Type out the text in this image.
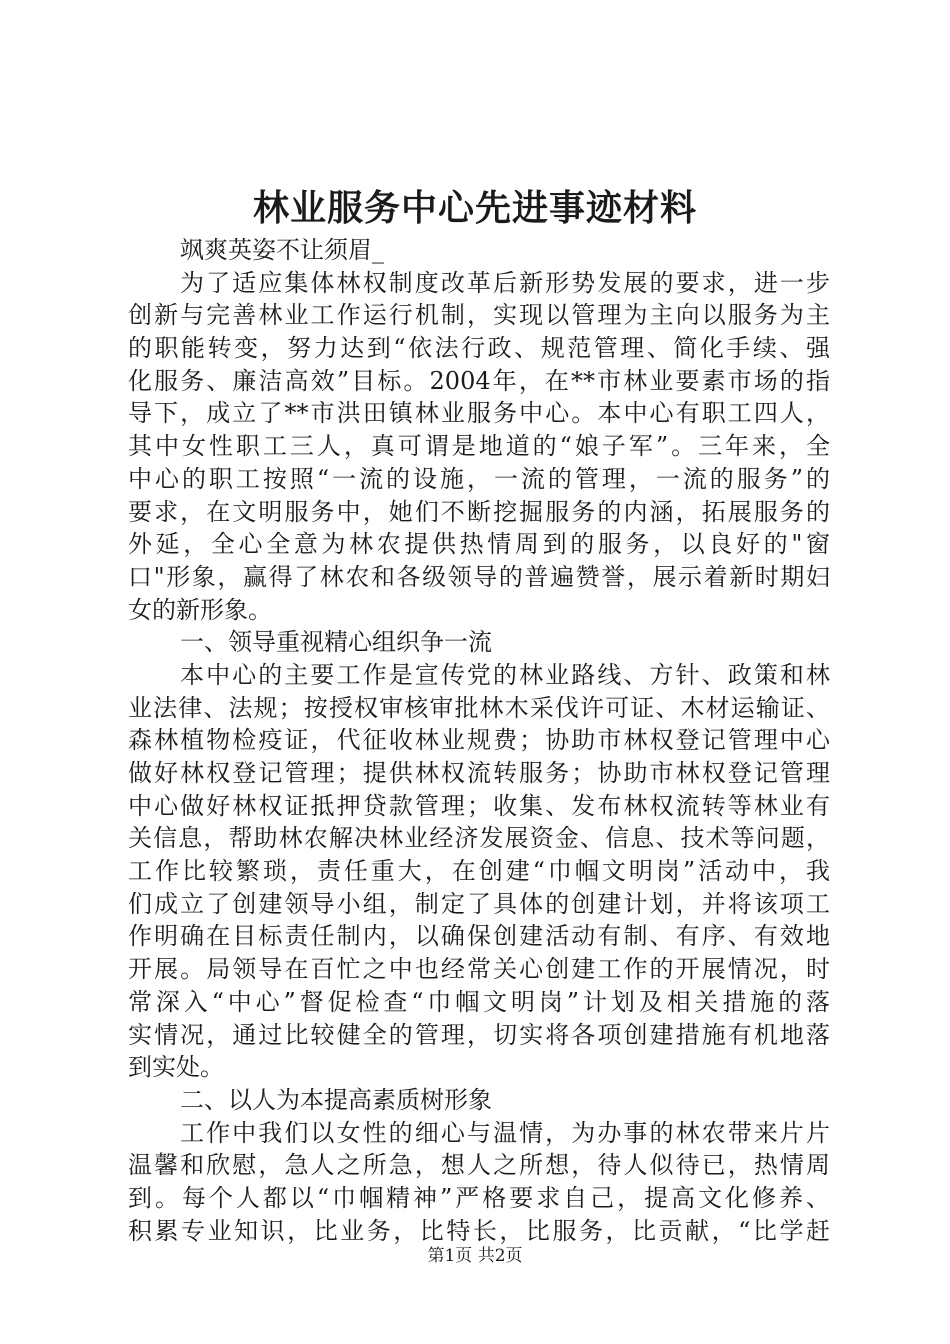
林业服务中心先进事迹材料
飒爽英姿不让须眉_
为了适应集体林权制度改革后新形势发展的要求，进一步
创新与完善林业工作运行机制，实现以管理为主向以服务为主
的职能转变，努力达到“依法行政、规范管理、简化手续、强
化服务、廉洁高效”目标。2004年，在**市林业要素市场的指
导下，成立了**市洪田镇林业服务中心。本中心有职工四人，
其中女性职工三人，真可谓是地道的“娘子军”。三年来，全
中心的职工按照“一流的设施，一流的管理，一流的服务”的
要求，在文明服务中，她们不断挖掘服务的内涵，拓展服务的
外延，全心全意为林农提供热情周到的服务，以良好的"窗
口"形象，赢得了林农和各级领导的普遍赞誉，展示着新时期妇
女的新形象。
一、领导重视精心组织争一流
本中心的主要工作是宣传党的林业路线、方针、政策和林
业法律、法规；按授权审核审批林木采伐许可证、木材运输证、
森林植物检疫证，代征收林业规费；协助市林权登记管理中心
做好林权登记管理；提供林权流转服务；协助市林权登记管理
中心做好林权证抵押贷款管理；收集、发布林权流转等林业有
关信息，帮助林农解决林业经济发展资金、信息、技术等问题，
工作比较繁琐，责任重大，在创建“巾帼文明岗”活动中，我
们成立了创建领导小组，制定了具体的创建计划，并将该项工
作明确在目标责任制内，以确保创建活动有制、有序、有效地
开展。局领导在百忙之中也经常关心创建工作的开展情况，时
常深入“中心”督促检查“巾帼文明岗”计划及相关措施的落
实情况，通过比较健全的管理，切实将各项创建措施有机地落
到实处。
二、以人为本提高素质树形象
工作中我们以女性的细心与温情，为办事的林农带来片片
温馨和欣慰，急人之所急，想人之所想，待人似待已，热情周
到。每个人都以“巾帼精神”严格要求自己，提高文化修养、
积累专业知识，比业务，比特长，比服务，比贡献，“比学赶
第1页 共2页
